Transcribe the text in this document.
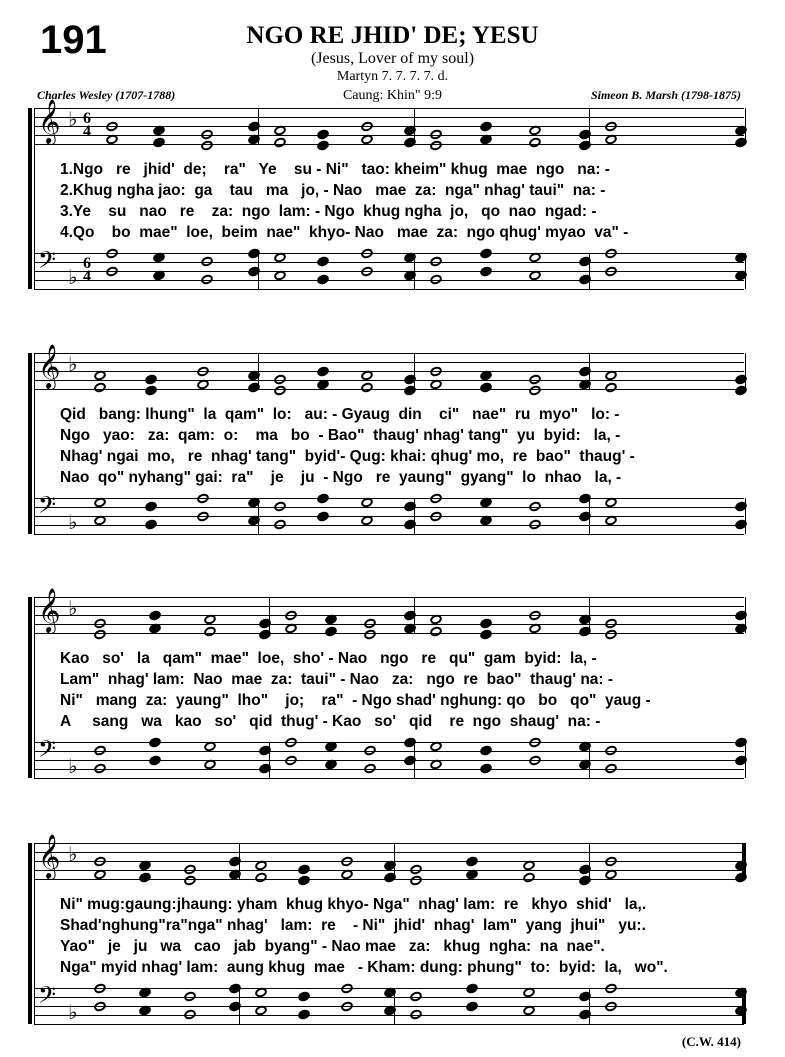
191	NGO RE JHID' DE; YESU
(Jesus, Lover of my soul)
Martyn 7. 7. 7. 7. d.
Caung: Khin" 9:9
Charles Wesley (1707-1788)	Simeon B. Marsh (1798-1875)
(C.W. 414)
𝄞
𝄢
♭
♭
6
4
6
4
1.Ngo   re   jhid'  de;    ra"   Ye    su - Ni"   tao: kheim" khug  mae  ngo   na: -
2.Khug ngha jao:  ga    tau   ma   jo, - Nao   mae  za:  nga" nhag' taui"  na: -
3.Ye    su   nao   re    za:  ngo  lam: - Ngo  khug ngha  jo,   qo  nao  ngad: -
4.Qo    bo  mae"  loe,  beim  nae"  khyo- Nao   mae  za:  ngo qhug' myao  va" -
𝄞
𝄢
♭
♭
Qid   bang: lhung"  la  qam"  lo:   au: - Gyaug  din    ci"   nae"  ru  myo"   lo: -
Ngo   yao:   za:  qam:  o:    ma   bo  - Bao"  thaug' nhag' tang"  yu  byid:   la, -
Nhag' ngai  mo,   re  nhag' tang"  byid'- Qug: khai: qhug' mo,  re  bao"  thaug' -
Nao  qo" nyhang" gai:  ra"    je    ju  - Ngo   re  yaung"  gyang"  lo  nhao   la, -
𝄞
𝄢
♭
♭
Kao   so'   la   qam"  mae"  loe,  sho' - Nao   ngo   re   qu"  gam  byid:  la, -
Lam"  nhag' lam:  Nao  mae  za:  taui" - Nao   za:   ngo  re  bao"  thaug' na: -
Ni"   mang  za:  yaung"  lho"    jo;    ra"  - Ngo shad' nghung: qo   bo   qo"  yaug -
A     sang   wa   kao   so'   qid  thug' - Kao   so'   qid    re  ngo  shaug'  na: -
𝄞
𝄢
♭
♭
Ni" mug:gaung:jhaung: yham  khug khyo- Nga"  nhag' lam:  re   khyo  shid'   la,.
Shad'nghung"ra"nga" nhag'   lam:  re    - Ni"  jhid'  nhag'  lam"  yang  jhui"   yu:.
Yao"   je   ju   wa   cao   jab  byang" - Nao mae   za:   khug  ngha:  na  nae".
Nga" myid nhag' lam:  aung khug  mae   - Kham: dung: phung"  to:  byid:  la,   wo".
